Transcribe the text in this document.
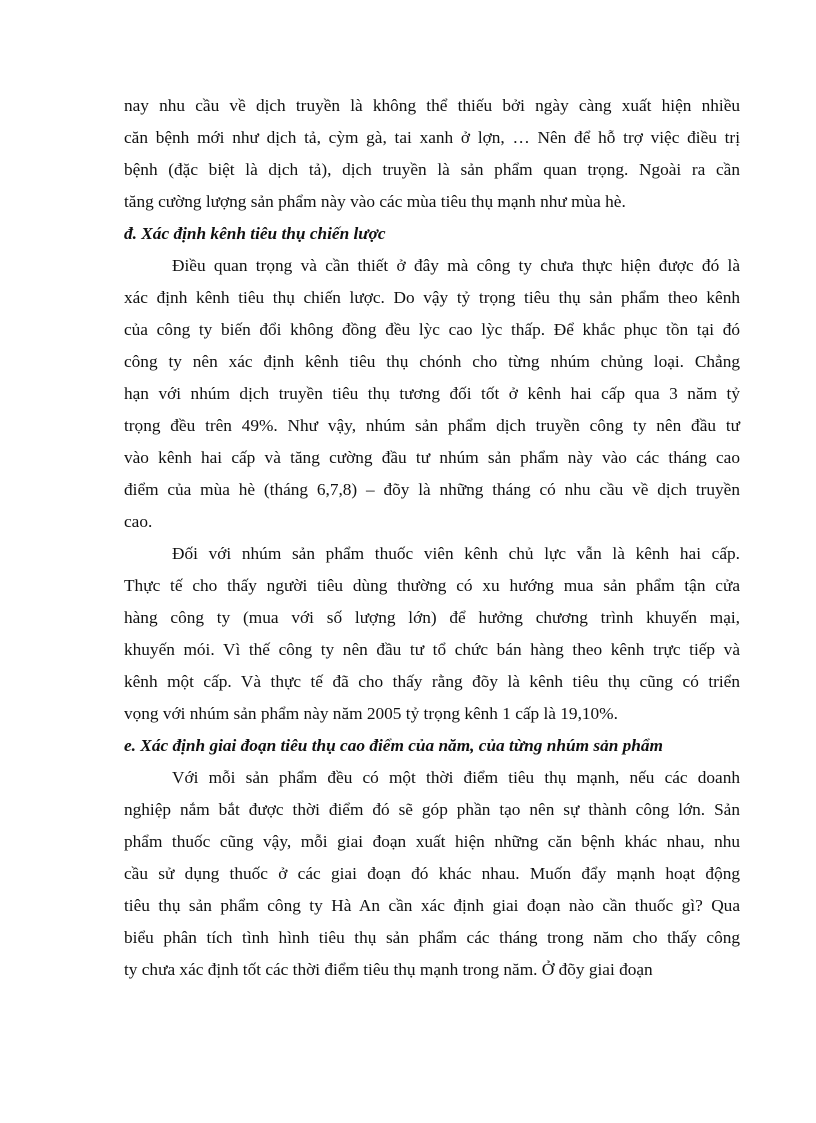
nay nhu cầu về dịch truyền là không thể thiếu bởi ngày càng xuất hiện nhiều
căn bệnh mới như dịch tả, cỳm gà, tai xanh ở lợn, … Nên để hỗ trợ việc điều trị
bệnh (đặc biệt là dịch tả), dịch truyền là sản phẩm quan trọng. Ngoài ra cần
tăng cường lượng sản phẩm này vào các mùa tiêu thụ mạnh như mùa hè.
đ. Xác định kênh tiêu thụ chiến lược
Điều quan trọng và cần thiết ở đây mà công ty chưa thực hiện được đó là
xác định kênh tiêu thụ chiến lược. Do vậy tỷ trọng tiêu thụ sản phẩm theo kênh
của công ty biến đổi không đồng đều lỳc cao lỳc thấp. Để khắc phục tồn tại đó
công ty nên xác định kênh tiêu thụ chónh cho từng nhúm chủng loại. Chẳng
hạn với nhúm dịch truyền tiêu thụ tương đối tốt ở kênh hai cấp qua 3 năm tỷ
trọng đều trên 49%. Như vậy, nhúm sản phẩm dịch truyền công ty nên đầu tư
vào kênh hai cấp và tăng cường đầu tư nhúm sản phẩm này vào các tháng cao
điểm của mùa hè (tháng 6,7,8) – đõy là những tháng có nhu cầu về dịch truyền
cao.
Đối với nhúm sản phẩm thuốc viên kênh chủ lực vẫn là kênh hai cấp.
Thực tế cho thấy người tiêu dùng thường có xu hướng mua sản phẩm tận cửa
hàng công ty (mua với số lượng lớn) để hưởng chương trình khuyến mại,
khuyến mói. Vì thế công ty nên đầu tư tổ chức bán hàng theo kênh trực tiếp và
kênh một cấp. Và thực tế đã cho thấy rằng đõy là kênh tiêu thụ cũng có triển
vọng với nhúm sản phẩm này năm 2005 tỷ trọng kênh 1 cấp là 19,10%.
e. Xác định giai đoạn tiêu thụ cao điểm của năm, của từng nhúm sản phẩm
Với mỗi sản phẩm đều có một thời điểm tiêu thụ mạnh, nếu các doanh
nghiệp nắm bắt được thời điểm đó sẽ góp phần tạo nên sự thành công lớn. Sản
phẩm thuốc cũng vậy, mỗi giai đoạn xuất hiện những căn bệnh khác nhau, nhu
cầu sử dụng thuốc ở các giai đoạn đó khác nhau. Muốn đẩy mạnh hoạt động
tiêu thụ sản phẩm công ty Hà An cần xác định giai đoạn nào cần thuốc gì? Qua
biểu phân tích tình hình tiêu thụ sản phẩm các tháng trong năm cho thấy công
ty chưa xác định tốt các thời điểm tiêu thụ mạnh trong năm. Ở đõy giai đoạn
